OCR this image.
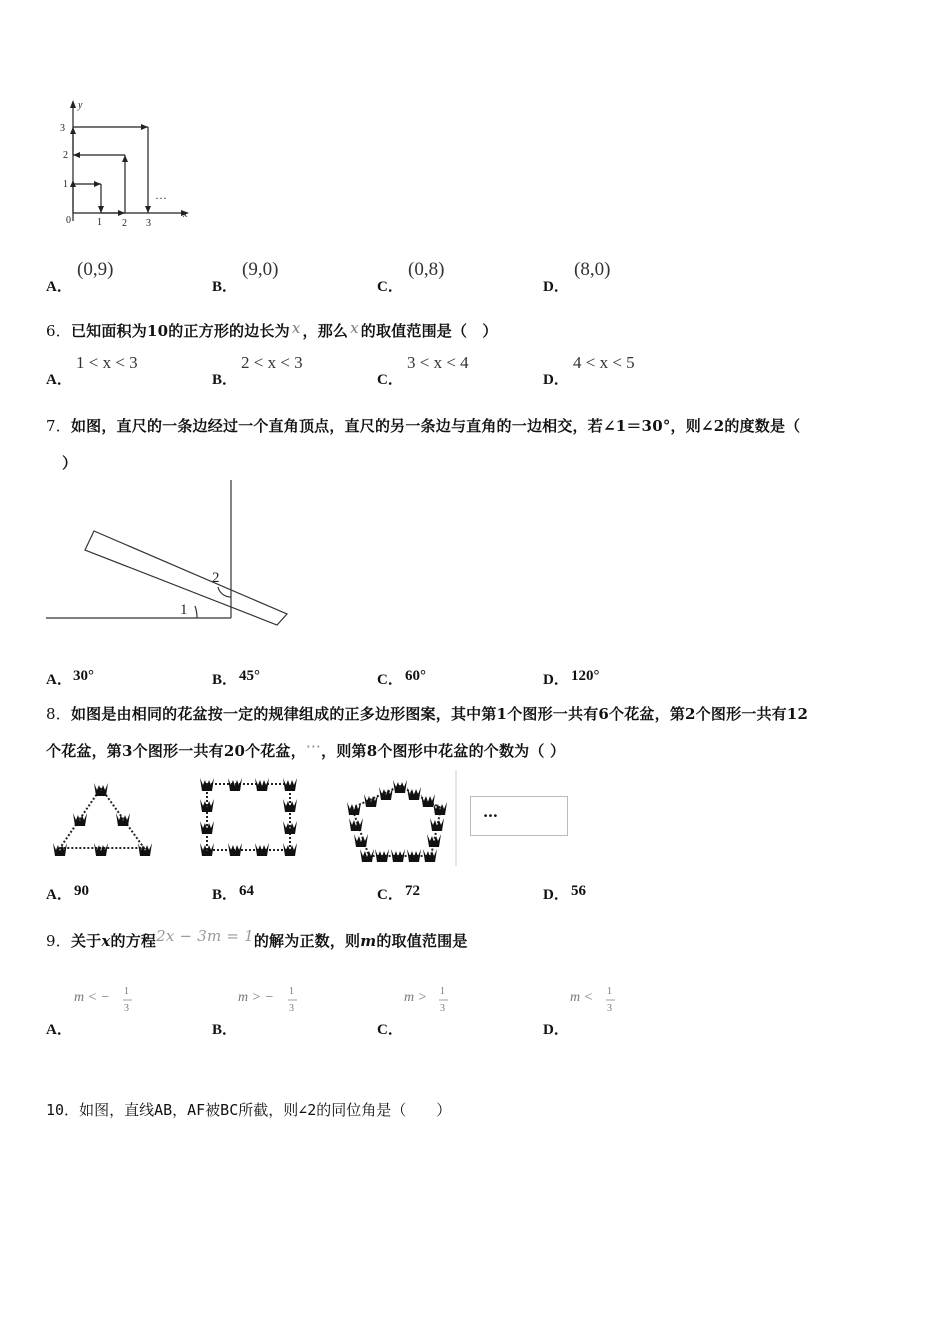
1
2
3
0	1 2 3
y
x
…
A．
(0,9)
B．
(9,0)
C．
(0,8)
D．
(8,0)
6．已知面积为10的正方形的边长为 x ，那么 x 的取值范围是（　）
A．
1 < x < 3
B．
2 < x < 3
C．
3 < x < 4
D．
4 < x < 5
7．如图，直尺的一条边经过一个直角顶点，直尺的另一条边与直角的一边相交，若∠1＝30°，则∠2的度数是（
）
1
2
A． 30°	B． 45°	C． 60°	D． 120°
8．如图是由相同的花盆按一定的规律组成的正多边形图案，其中第1个图形一共有6个花盆，第2个图形一共有12
个花盆，第3个图形一共有20个花盆，⋯，则第8个图形中花盆的个数为（ ）
…
A． 90	B． 64	C． 72	D． 56
9．关于x的方程2x − 3m = 1的解为正数，则m的取值范围是
A．
m < − 1
3
B．
m > − 1
3
C．
m > 1
3
D．
m < 1
3
10．如图，直线AB，AF被BC所截，则∠2的同位角是（　　）
